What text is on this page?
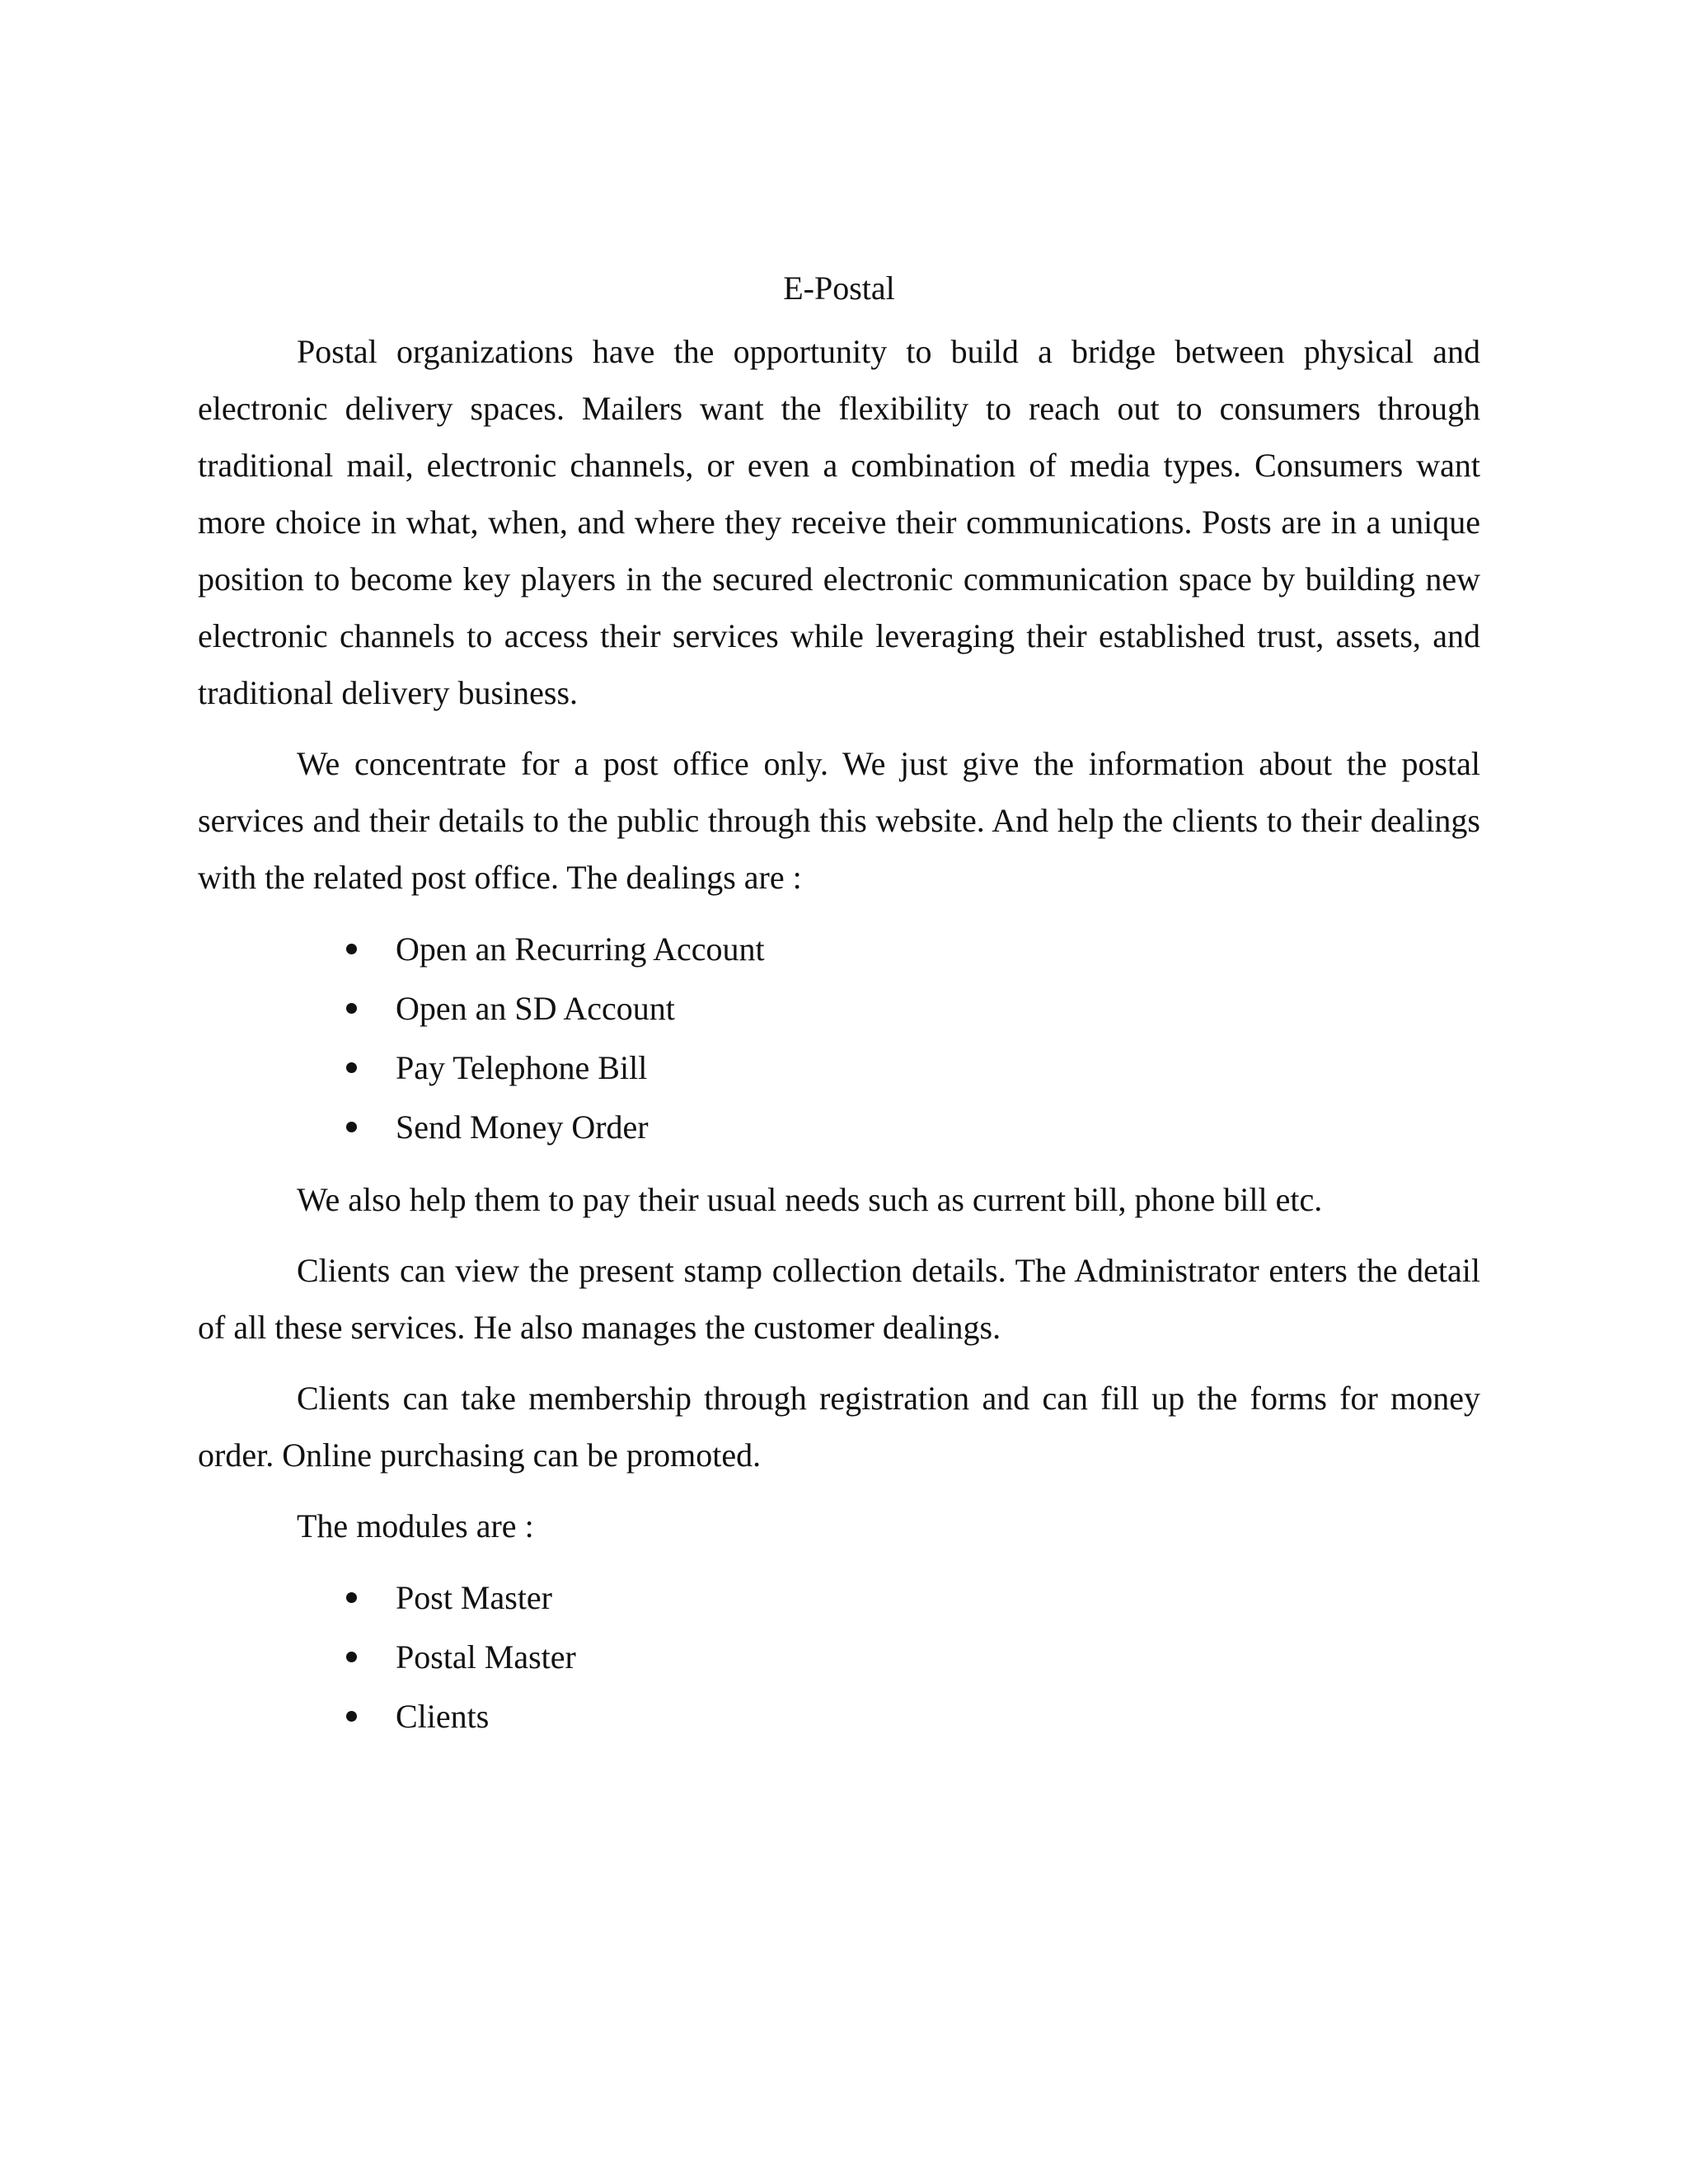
E-Postal

Postal organizations have the opportunity to build a bridge between physical and electronic delivery spaces. Mailers want the flexibility to reach out to consumers through traditional mail, electronic channels, or even a combination of media types. Consumers want more choice in what, when, and where they receive their communications. Posts are in a unique position to become key players in the secured electronic communication space by building new electronic channels to access their services while leveraging their established trust, assets, and traditional delivery business.

We concentrate for a post office only. We just give the information about the postal services and their details to the public through this website. And help the clients to their dealings with the related post office. The dealings are :

Open an Recurring Account
Open an SD Account
Pay Telephone Bill
Send Money Order

We also help them to pay their usual needs such as current bill, phone bill etc.

Clients can view the present stamp collection details. The Administrator enters the detail of all these services. He also manages the customer dealings.

Clients can take membership through registration and can fill up the forms for money order. Online purchasing can be promoted.

The modules are :

Post Master
Postal Master
Clients
